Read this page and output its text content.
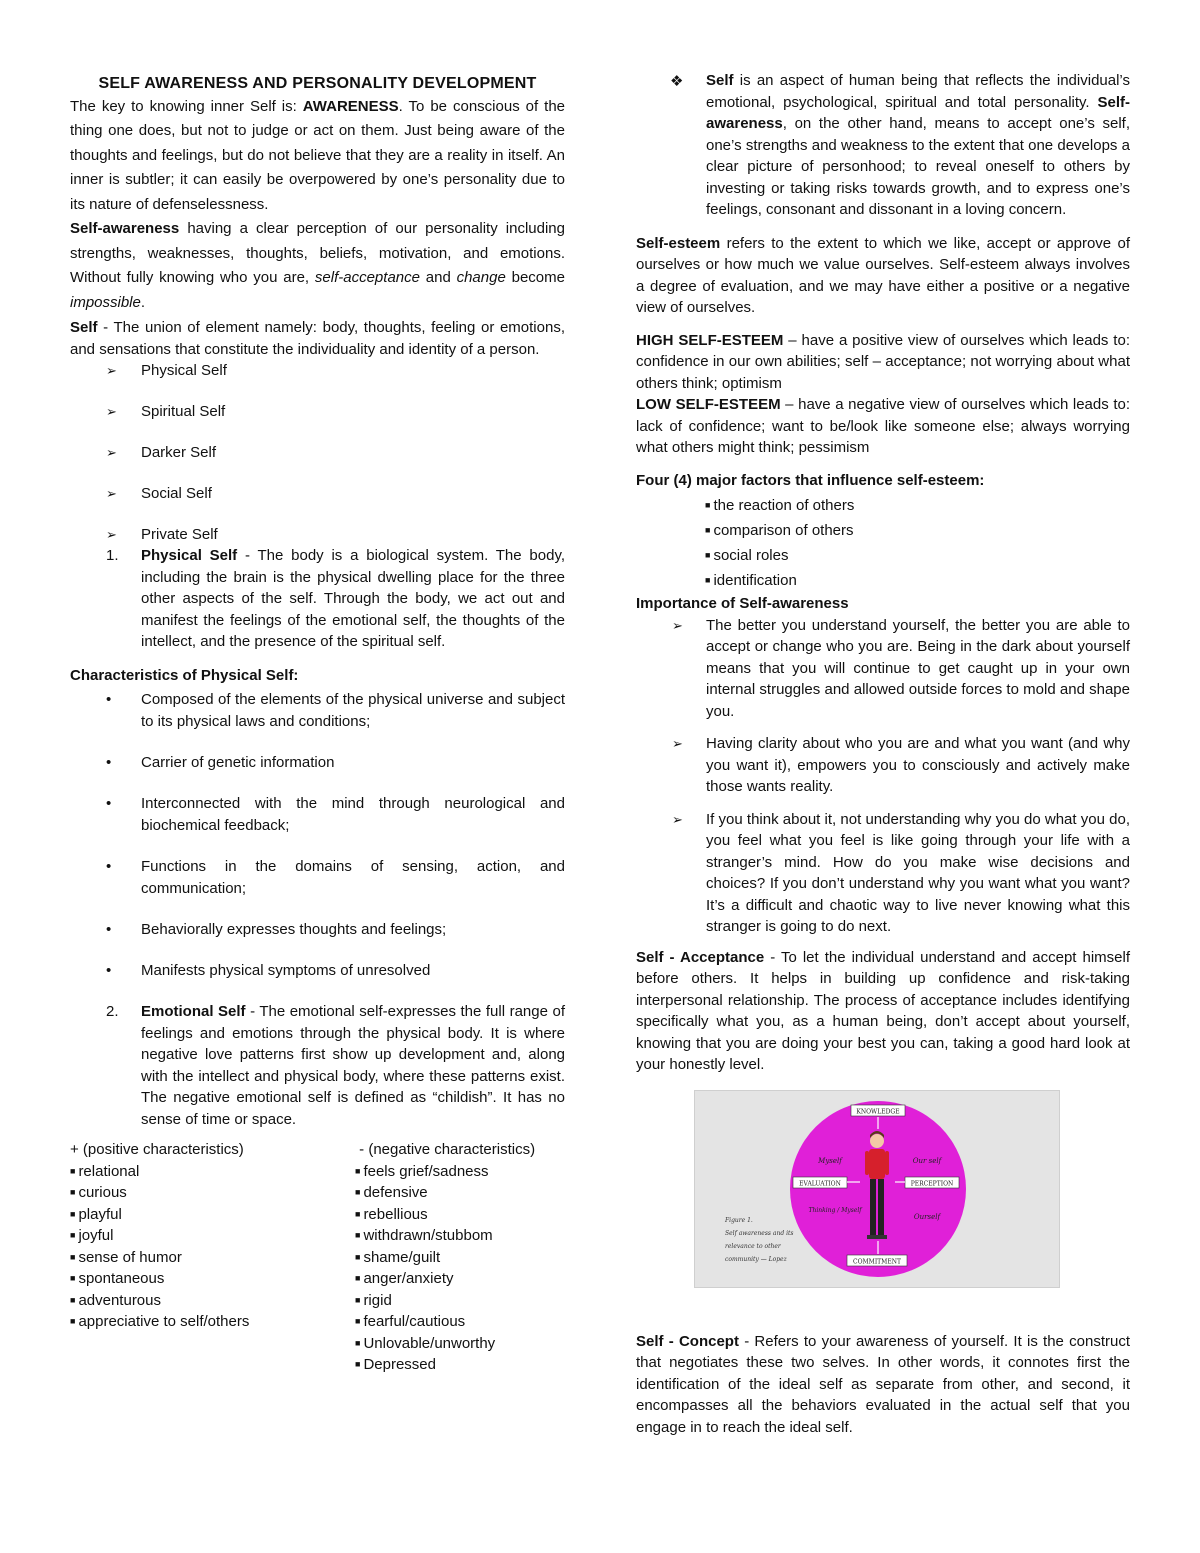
SELF AWARENESS AND PERSONALITY DEVELOPMENT

The key to knowing inner Self is: AWARENESS. To be conscious of the thing one does, but not to judge or act on them. Just being aware of the thoughts and feelings, but do not believe that they are a reality in itself. An inner is subtler; it can easily be overpowered by one’s personality due to its nature of defenselessness.

Self-awareness having a clear perception of our personality including strengths, weaknesses, thoughts, beliefs, motivation, and emotions. Without fully knowing who you are, self-acceptance and change become impossible.

Self - The union of element namely: body, thoughts, feeling or emotions, and sensations that constitute the individuality and identity of a person.

➢ Physical Self
➢ Spiritual Self
➢ Darker Self
➢ Social Self
➢ Private Self
1. Physical Self - The body is a biological system. The body, including the brain is the physical dwelling place for the three other aspects of the self. Through the body, we act out and manifest the feelings of the emotional self, the thoughts of the intellect, and the presence of the spiritual self.

Characteristics of Physical Self:

• Composed of the elements of the physical universe and subject to its physical laws and conditions;
• Carrier of genetic information
• Interconnected with the mind through neurological and biochemical feedback;
• Functions in the domains of sensing, action, and communication;
• Behaviorally expresses thoughts and feelings;
• Manifests physical symptoms of unresolved
2. Emotional Self - The emotional self-expresses the full range of feelings and emotions through the physical body. It is where negative love patterns first show up development and, along with the intellect and physical body, where these patterns exist. The negative emotional self is defined as “childish”. It has no sense of time or space.

+ (positive characteristics)

■ relational
■ curious
■ playful
■ joyful
■ sense of humor
■ spontaneous
■ adventurous
■ appreciative to self/others

- (negative characteristics)

■ feels grief/sadness
■ defensive
■ rebellious
■ withdrawn/stubbom
■ shame/guilt
■ anger/anxiety
■ rigid
■ fearful/cautious
■ Unlovable/unworthy
■ Depressed

❖ Self is an aspect of human being that reflects the individual’s emotional, psychological, spiritual and total personality. Self-awareness, on the other hand, means to accept one’s self, one’s strengths and weakness to the extent that one develops a clear picture of personhood; to reveal oneself to others by investing or taking risks towards growth, and to express one’s feelings, consonant and dissonant in a loving concern.

Self-esteem refers to the extent to which we like, accept or approve of ourselves or how much we value ourselves. Self-esteem always involves a degree of evaluation, and we may have either a positive or a negative view of ourselves.

HIGH SELF-ESTEEM – have a positive view of ourselves which leads to: confidence in our own abilities; self – acceptance; not worrying about what others think; optimism

LOW SELF-ESTEEM – have a negative view of ourselves which leads to: lack of confidence; want to be/look like someone else; always worrying what others might think; pessimism

Four (4) major factors that influence self-esteem:

■ the reaction of others
■ comparison of others
■ social roles
■ identification

Importance of Self-awareness

➢ The better you understand yourself, the better you are able to accept or change who you are. Being in the dark about yourself means that you will continue to get caught up in your own internal struggles and allowed outside forces to mold and shape you.
➢ Having clarity about who you are and what you want (and why you want it), empowers you to consciously and actively make those wants reality.
➢ If you think about it, not understanding why you do what you do, you feel what you feel is like going through your life with a stranger’s mind. How do you make wise decisions and choices? If you don’t understand why you want what you want? It’s a difficult and chaotic way to live never knowing what this stranger is going to do next.

Self - Acceptance - To let the individual understand and accept himself before others. It helps in building up confidence and risk-taking interpersonal relationship. The process of acceptance includes identifying specifically what you, as a human being, don’t accept about yourself, knowing that you are doing your best you can, taking a good hard look at your honestly level.

KNOWLEDGE
EVALUATION	PERCEPTION
COMMITMENT
Myself	Our self
Thinking / Myself
Ourself
Figure 1.
Self awareness and its
relevance to other
community — Lopez

Self - Concept - Refers to your awareness of yourself. It is the construct that negotiates these two selves. In other words, it connotes first the identification of the ideal self as separate from other, and second, it encompasses all the behaviors evaluated in the actual self that you engage in to reach the ideal self.
